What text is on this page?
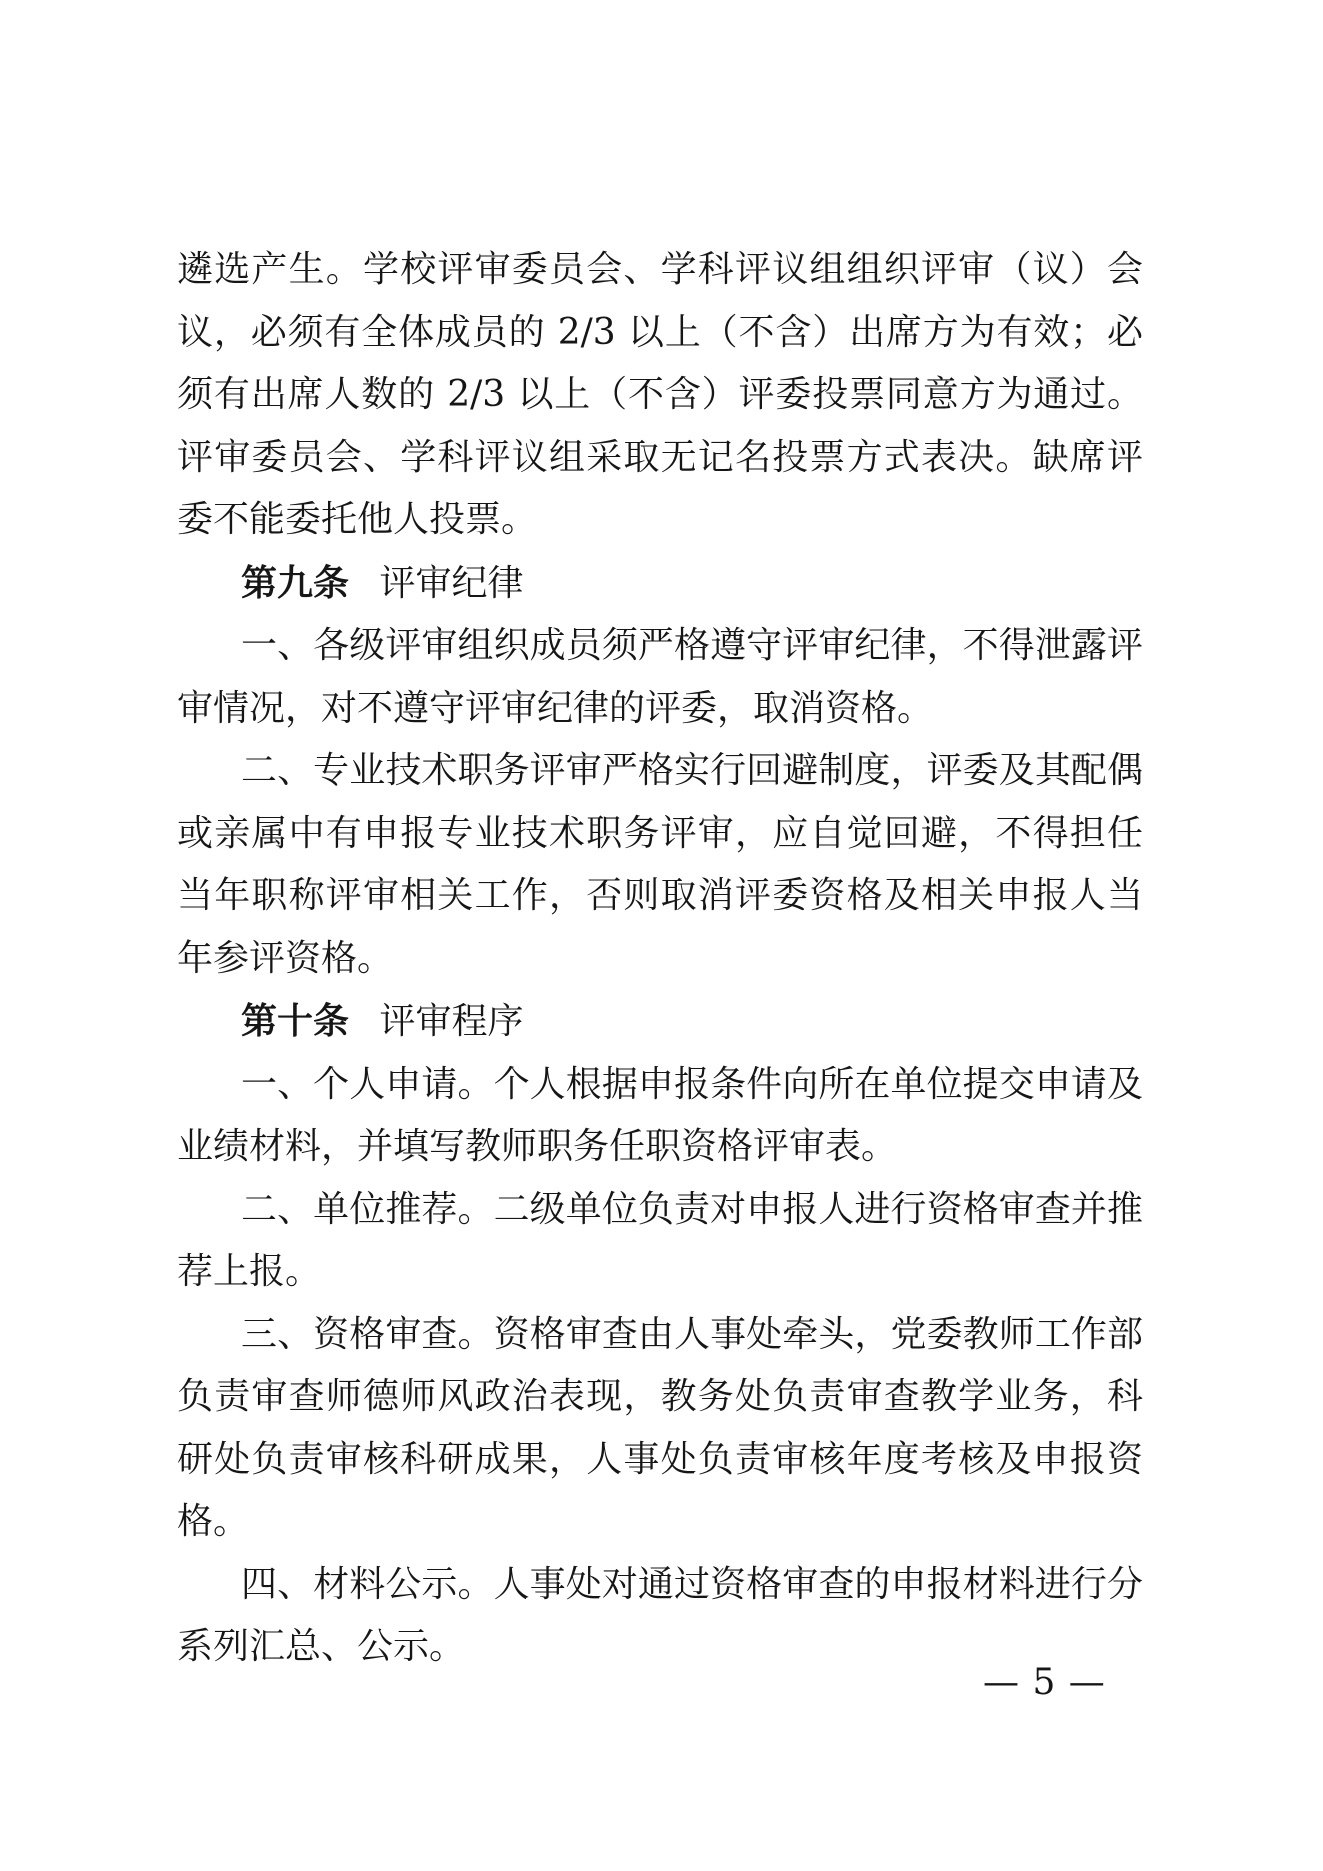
遴选产生。学校评审委员会、学科评议组组织评审（议）会议，必须有全体成员的 2/3 以上（不含）出席方为有效；必须有出席人数的 2/3 以上（不含）评委投票同意方为通过。评审委员会、学科评议组采取无记名投票方式表决。缺席评委不能委托他人投票。

第九条 评审纪律

一、各级评审组织成员须严格遵守评审纪律，不得泄露评审情况，对不遵守评审纪律的评委，取消资格。

二、专业技术职务评审严格实行回避制度，评委及其配偶或亲属中有申报专业技术职务评审，应自觉回避，不得担任当年职称评审相关工作，否则取消评委资格及相关申报人当年参评资格。

第十条 评审程序

一、个人申请。个人根据申报条件向所在单位提交申请及业绩材料，并填写教师职务任职资格评审表。

二、单位推荐。二级单位负责对申报人进行资格审查并推荐上报。

三、资格审查。资格审查由人事处牵头，党委教师工作部负责审查师德师风政治表现，教务处负责审查教学业务，科研处负责审核科研成果，人事处负责审核年度考核及申报资格。

四、材料公示。人事处对通过资格审查的申报材料进行分系列汇总、公示。

— 5 —
